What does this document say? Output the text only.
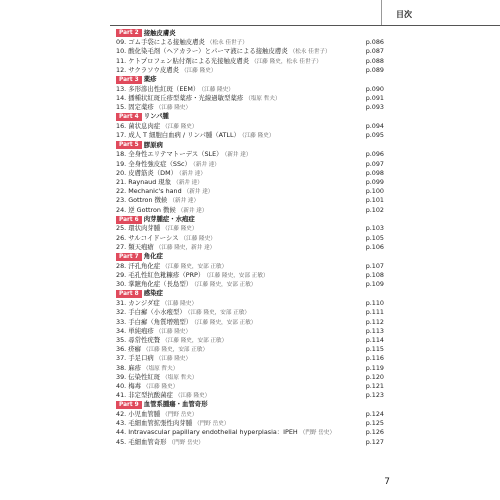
目次
Part 2 接触皮膚炎
09. ゴム手袋による接触皮膚炎 （松永 佳世子）	p.086
10. 酸化染毛剤（ヘアカラー）とパーマ液による接触皮膚炎 （松永 佳世子）	p.087
11. ケトプロフェン貼付剤による光接触皮膚炎 （江藤 隆史，松永 佳世子）	p.088
12. サクラソウ皮膚炎 （江藤 隆史）	p.089
Part 3 薬疹
13. 多形滲出性紅斑（EEM） （江藤 隆史）	p.090
14. 播種状紅斑丘疹型薬疹・光線過敏型薬疹 （塩原 哲夫）	p.091
15. 固定薬疹 （江藤 隆史）	p.093
Part 4 リンパ腫
16. 菌状息肉症 （江藤 隆史）	p.094
17. 成人 T 細胞白血病 / リンパ腫（ATLL） （江藤 隆史）	p.095
Part 5 膠原病
18. 全身性エリテマトーデス（SLE） （新井 達）	p.096
19. 全身性強皮症（SSc） （新井 達）	p.097
20. 皮膚筋炎（DM） （新井 達）	p.098
21. Raynaud 現象 （新井 達）	p.099
22. Mechanic's hand （新井 達）	p.100
23. Gottron 徴候 （新井 達）	p.101
24. 逆 Gottron 徴候 （新井 達）	p.102
Part 6 肉芽腫症・水疱症
25. 環状肉芽腫 （江藤 隆史）	p.103
26. サルコイドーシス （江藤 隆史）	p.105
27. 類天疱瘡 （江藤 隆史，新井 達）	p.106
Part 7 角化症
28. 汗孔角化症 （江藤 隆史，安部 正敏）	p.107
29. 毛孔性紅色粃糠疹（PRP） （江藤 隆史，安部 正敏）	p.108
30. 掌蹠角化症（長島型） （江藤 隆史，安部 正敏）	p.109
Part 8 感染症
31. カンジダ症 （江藤 隆史）	p.110
32. 手白癬（小水疱型） （江藤 隆史，安部 正敏）	p.111
33. 手白癬（角質増殖型） （江藤 隆史，安部 正敏）	p.112
34. 単純疱疹 （江藤 隆史）	p.113
35. 尋常性疣贅 （江藤 隆史，安部 正敏）	p.114
36. 疥癬 （江藤 隆史，安部 正敏）	p.115
37. 手足口病 （江藤 隆史）	p.116
38. 麻疹 （塩原 哲夫）	p.119
39. 伝染性紅斑 （塩原 哲夫）	p.120
40. 梅毒 （江藤 隆史）	p.121
41. 非定型抗酸菌症 （江藤 隆史）	p.123
Part 9 血管系腫瘍・血管奇形
42. 小児血管腫 （門野 岳史）	p.124
43. 毛細血管拡張性肉芽腫 （門野 岳史）	p.125
44. Intravascular papillary endothelial hyperplasia：IPEH （門野 岳史）	p.126
45. 毛細血管奇形 （門野 岳史）	p.127
7
